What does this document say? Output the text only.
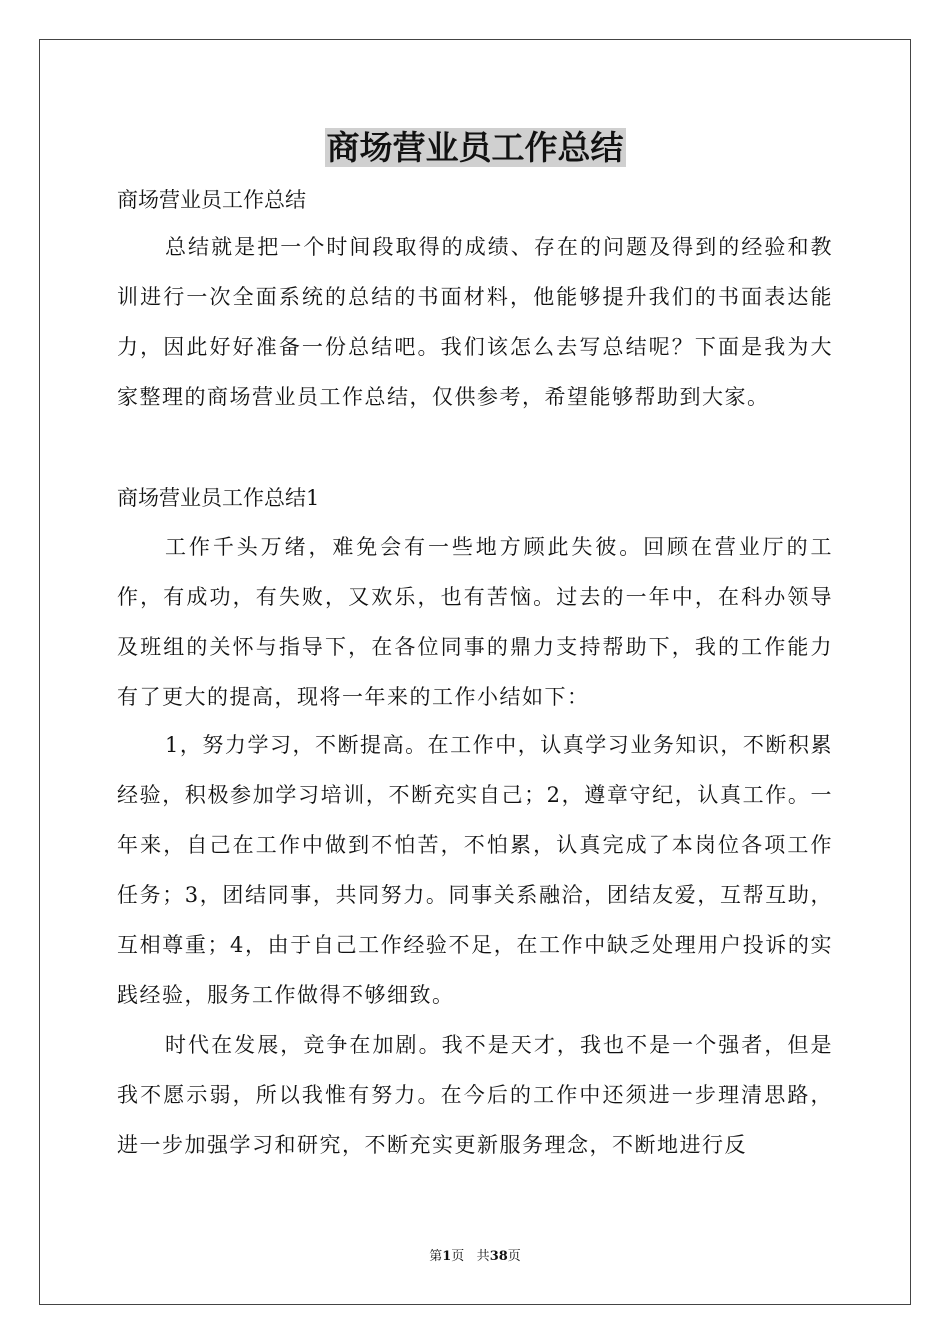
商场营业员工作总结
商场营业员工作总结
总结就是把一个时间段取得的成绩、存在的问题及得到的经验和教训进行一次全面系统的总结的书面材料，他能够提升我们的书面表达能力，因此好好准备一份总结吧。我们该怎么去写总结呢？下面是我为大家整理的商场营业员工作总结，仅供参考，希望能够帮助到大家。
商场营业员工作总结1
工作千头万绪，难免会有一些地方顾此失彼。回顾在营业厅的工作，有成功，有失败，又欢乐，也有苦恼。过去的一年中，在科办领导及班组的关怀与指导下，在各位同事的鼎力支持帮助下，我的工作能力有了更大的提高，现将一年来的工作小结如下：
1，努力学习，不断提高。在工作中，认真学习业务知识，不断积累经验，积极参加学习培训，不断充实自己；2，遵章守纪，认真工作。一年来，自己在工作中做到不怕苦，不怕累，认真完成了本岗位各项工作任务；3，团结同事，共同努力。同事关系融洽，团结友爱，互帮互助，互相尊重；4，由于自己工作经验不足，在工作中缺乏处理用户投诉的实践经验，服务工作做得不够细致。
时代在发展，竞争在加剧。我不是天才，我也不是一个强者，但是我不愿示弱，所以我惟有努力。在今后的工作中还须进一步理清思路，进一步加强学习和研究，不断充实更新服务理念，不断地进行反
第1页 共38页
